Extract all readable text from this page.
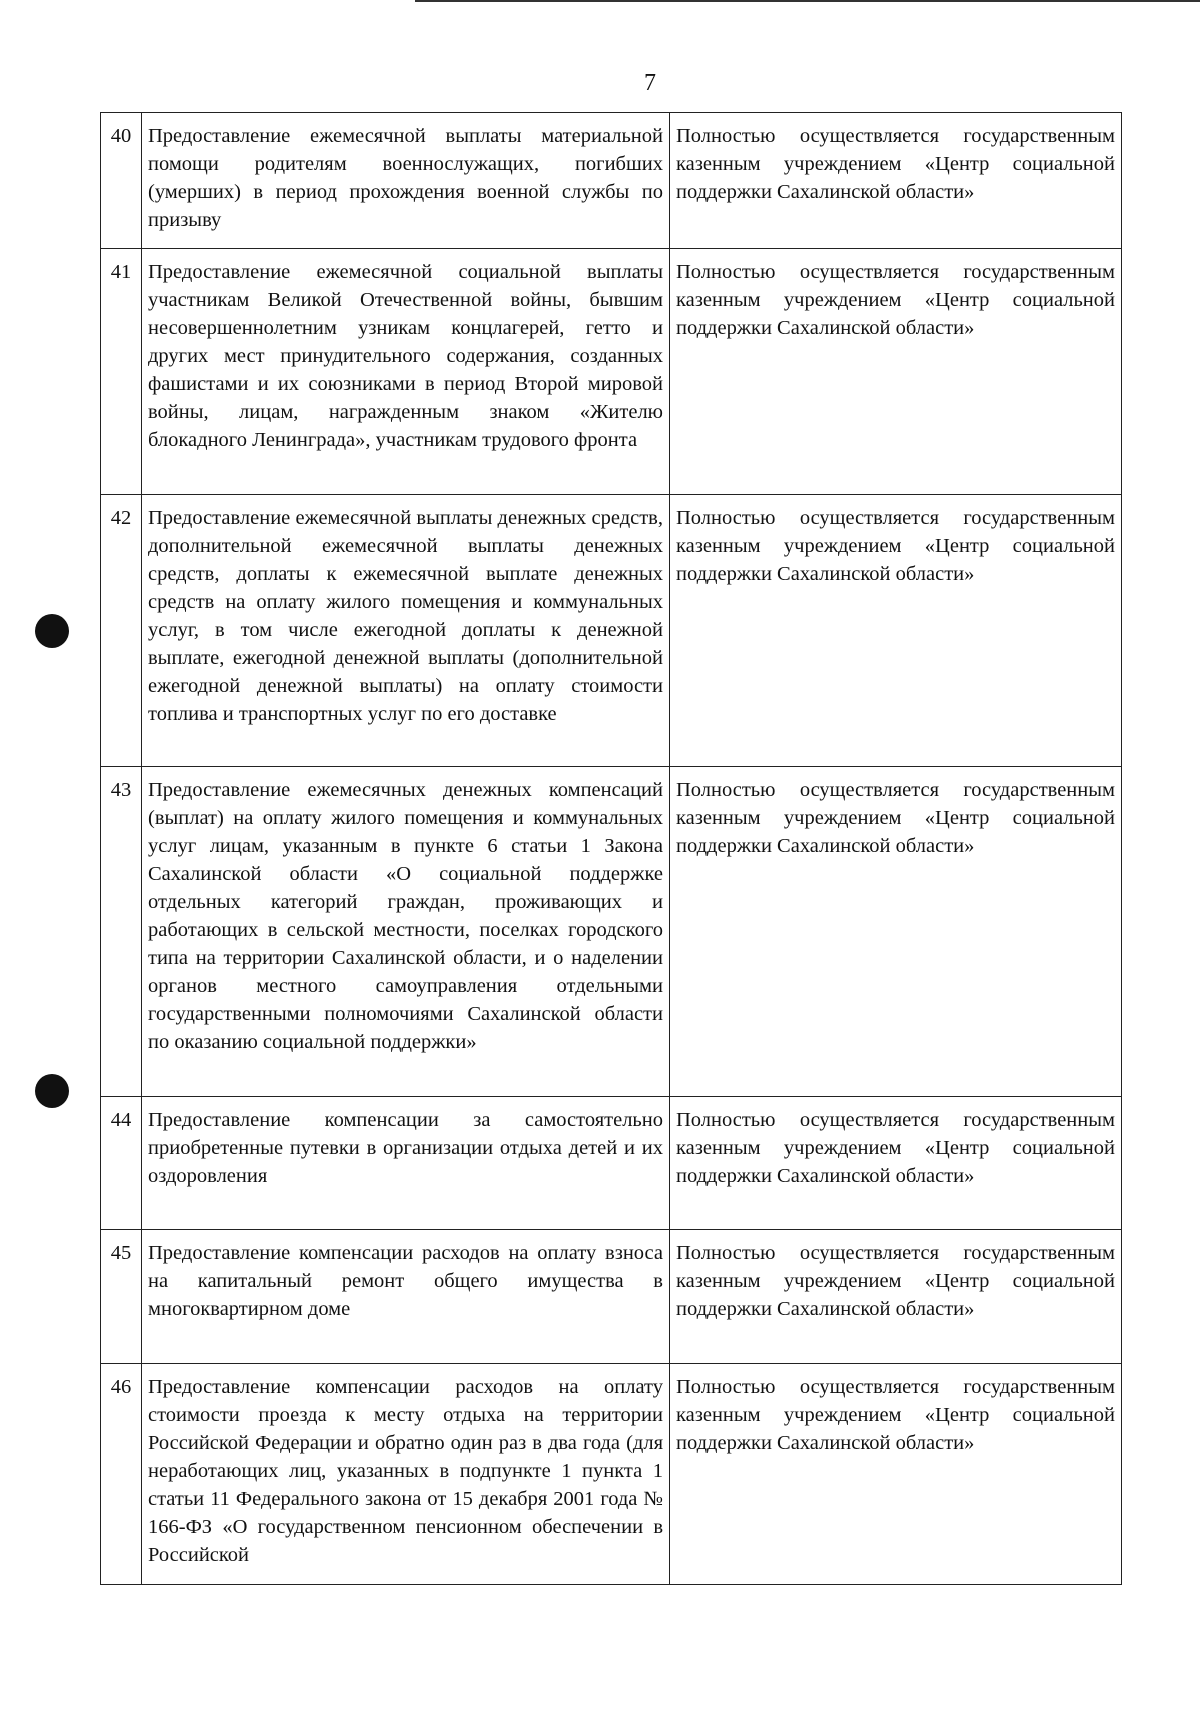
7
40	Предоставление ежемесячной выплаты материальной помощи родителям военнослужащих, погибших (умерших) в период прохождения военной службы по призыву	Полностью осуществляется государственным казенным учреждением «Центр социальной поддержки Сахалинской области»
41	Предоставление ежемесячной социальной выплаты участникам Великой Отечественной войны, бывшим несовершеннолетним узникам концлагерей, гетто и других мест принудительного содержания, созданных фашистами и их союзниками в период Второй мировой войны, лицам, награжденным знаком «Жителю блокадного Ленинграда», участникам трудового фронта	Полностью осуществляется государственным казенным учреждением «Центр социальной поддержки Сахалинской области»
42	Предоставление ежемесячной выплаты денежных средств, дополнительной ежемесячной выплаты денежных средств, доплаты к ежемесячной выплате денежных средств на оплату жилого помещения и коммунальных услуг, в том числе ежегодной доплаты к денежной выплате, ежегодной денежной выплаты (дополнительной ежегодной денежной выплаты) на оплату стоимости топлива и транспортных услуг по его доставке	Полностью осуществляется государственным казенным учреждением «Центр социальной поддержки Сахалинской области»
43	Предоставление ежемесячных денежных компенсаций (выплат) на оплату жилого помещения и коммунальных услуг лицам, указанным в пункте 6 статьи 1 Закона Сахалинской области «О социальной поддержке отдельных категорий граждан, проживающих и работающих в сельской местности, поселках городского типа на территории Сахалинской области, и о наделении органов местного самоуправления отдельными государственными полномочиями Сахалинской области по оказанию социальной поддержки»	Полностью осуществляется государственным казенным учреждением «Центр социальной поддержки Сахалинской области»
44	Предоставление компенсации за самостоятельно приобретенные путевки в организации отдыха детей и их оздоровления	Полностью осуществляется государственным казенным учреждением «Центр социальной поддержки Сахалинской области»
45	Предоставление компенсации расходов на оплату взноса на капитальный ремонт общего имущества в многоквартирном доме	Полностью осуществляется государственным казенным учреждением «Центр социальной поддержки Сахалинской области»
46	Предоставление компенсации расходов на оплату стоимости проезда к месту отдыха на территории Российской Федерации и обратно один раз в два года (для неработающих лиц, указанных в подпункте 1 пункта 1 статьи 11 Федерального закона от 15 декабря 2001 года № 166-ФЗ «О государственном пенсионном обеспечении в Российской	Полностью осуществляется государственным казенным учреждением «Центр социальной поддержки Сахалинской области»
